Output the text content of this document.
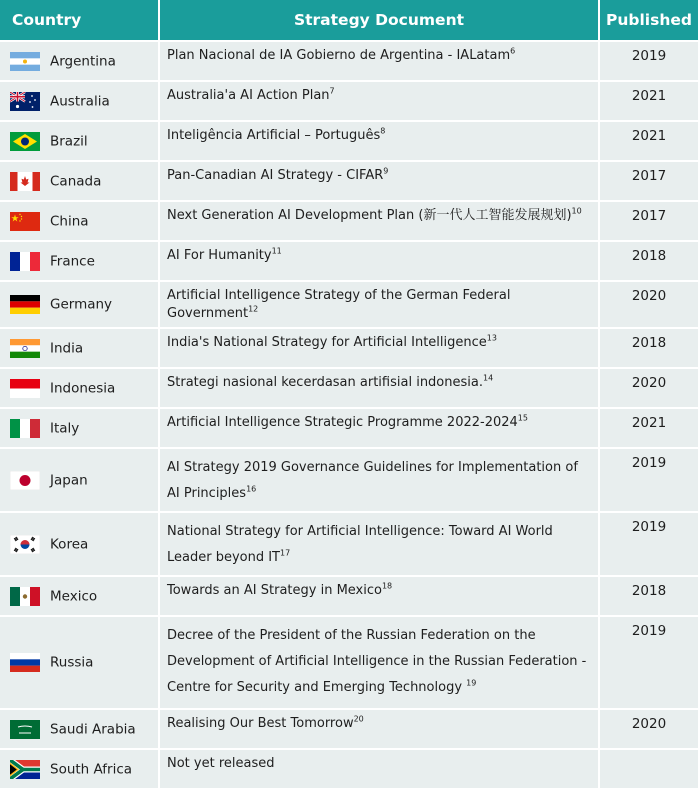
Country	Strategy Document	Published

Argentina	Plan Nacional de IA Gobierno de Argentina - IALatam$^6$	2019

Australia	Australia'a AI Action Plan$^7$	2021

Brazil	Inteligência Artificial – Português$^8$	2021

Canada	Pan-Canadian AI Strategy - CIFAR$^9$	2017

China	Next Generation AI Development Plan (新一代人工智能发展规划)$^{10}$	2017

France	AI For Humanity$^{11}$	2018

Germany	Artificial Intelligence Strategy of the German Federal Government$^{12}$	2020

India	India's National Strategy for Artificial Intelligence$^{13}$	2018

Indonesia	Strategi nasional kecerdasan artifisial indonesia.$^{14}$	2020

Italy	Artificial Intelligence Strategic Programme 2022-2024$^{15}$	2021

Japan	AI Strategy 2019 Governance Guidelines for Implementation of AI Principles$^{16}$	2019

Korea	National Strategy for Artificial Intelligence: Toward AI World Leader beyond IT$^{17}$	2019

Mexico	Towards an AI Strategy in Mexico$^{18}$	2018

Russia	Decree of the President of the Russian Federation on the Development of Artificial Intelligence in the Russian Federation - Centre for Security and Emerging Technology $^{19}$	2019

Saudi Arabia	Realising Our Best Tomorrow$^{20}$	2020

South Africa	Not yet released	
